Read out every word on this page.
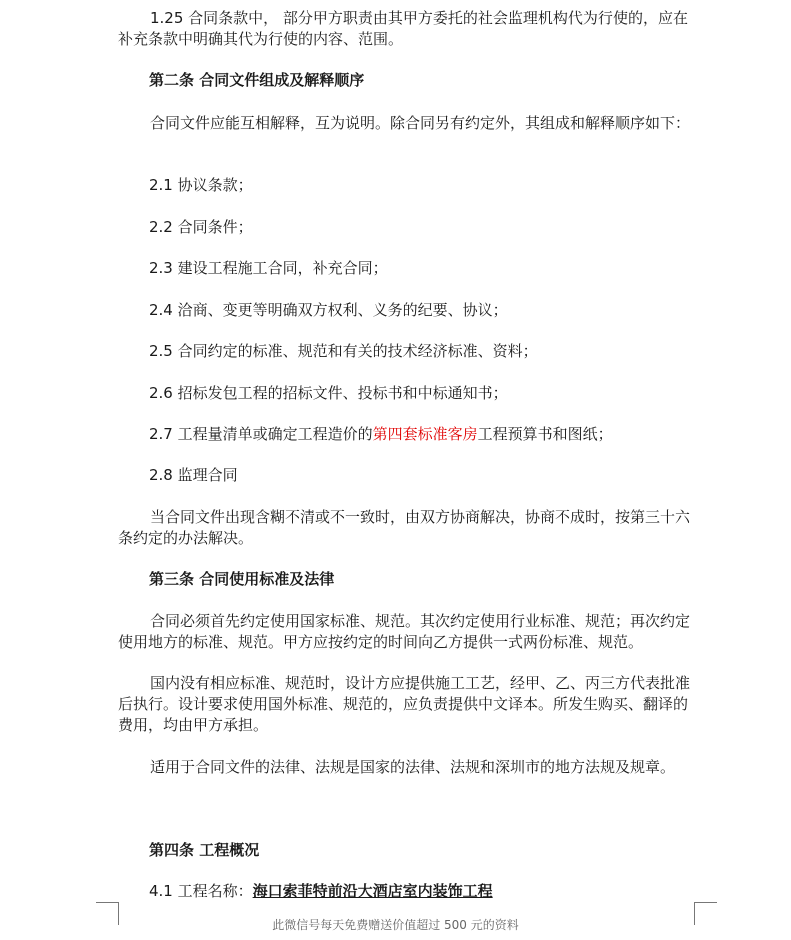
1.25 合同条款中， 部分甲方职责由其甲方委托的社会监理机构代为行使的，应在补充条款中明确其代为行使的内容、范围。
第二条 合同文件组成及解释顺序
合同文件应能互相解释，互为说明。除合同另有约定外，其组成和解释顺序如下：
2.1 协议条款；
2.2 合同条件；
2.3 建设工程施工合同，补充合同；
2.4 洽商、变更等明确双方权利、义务的纪要、协议；
2.5 合同约定的标准、规范和有关的技术经济标准、资料；
2.6 招标发包工程的招标文件、投标书和中标通知书；
2.7 工程量清单或确定工程造价的第四套标准客房工程预算书和图纸；
2.8 监理合同
当合同文件出现含糊不清或不一致时，由双方协商解决，协商不成时，按第三十六条约定的办法解决。
第三条 合同使用标准及法律
合同必须首先约定使用国家标准、规范。其次约定使用行业标准、规范；再次约定使用地方的标准、规范。甲方应按约定的时间向乙方提供一式两份标准、规范。
国内没有相应标准、规范时，设计方应提供施工工艺，经甲、乙、丙三方代表批准后执行。设计要求使用国外标准、规范的，应负责提供中文译本。所发生购买、翻译的费用，均由甲方承担。
适用于合同文件的法律、法规是国家的法律、法规和深圳市的地方法规及规章。
第四条 工程概况
4.1 工程名称：海口索菲特前沿大酒店室内装饰工程
此微信号每天免费赠送价值超过 500 元的资料
